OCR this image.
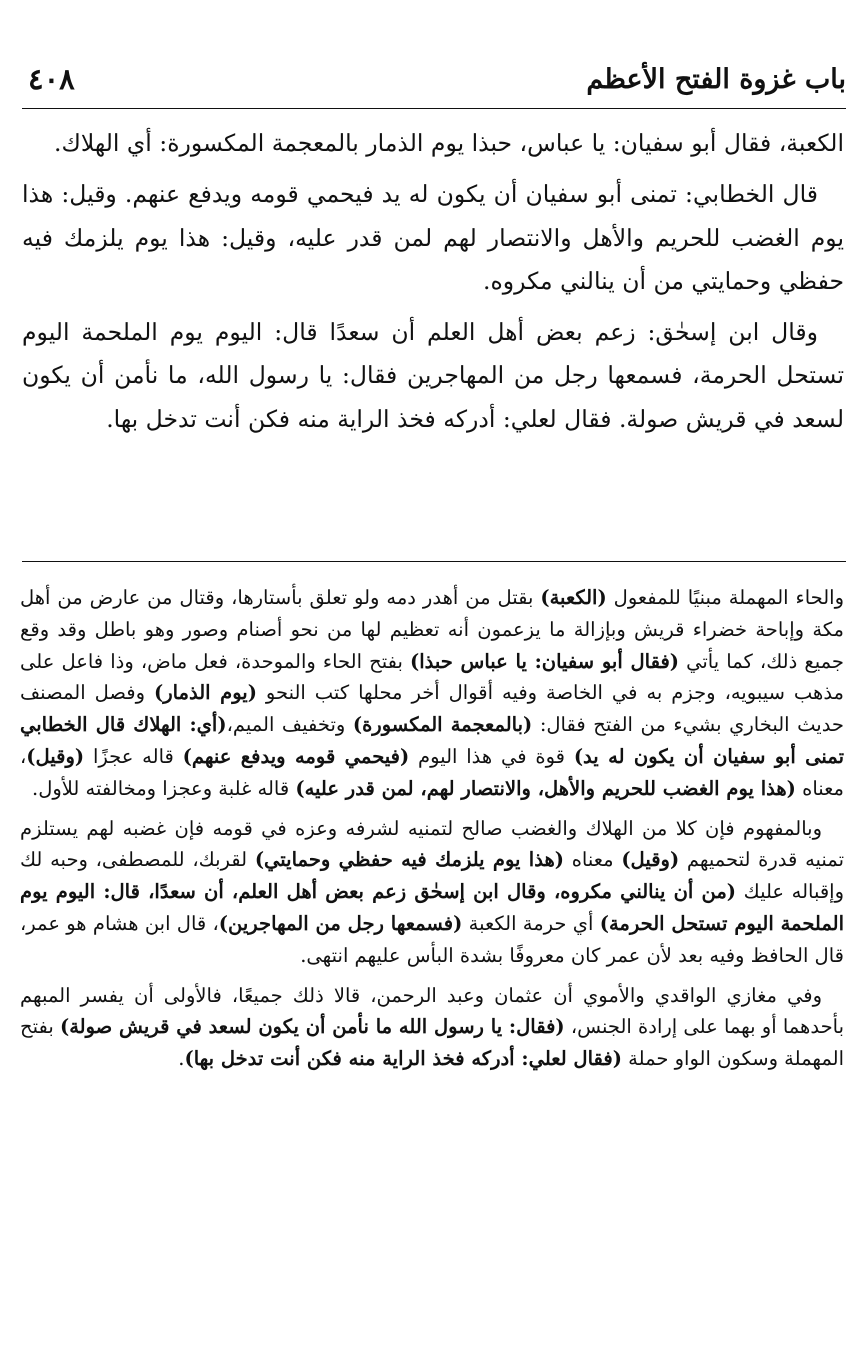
باب غزوة الفتح الأعظم
٤٠٨

الكعبة، فقال أبو سفيان: يا عباس، حبذا يوم الذمار بالمعجمة المكسورة: أي الهلاك.

قال الخطابي: تمنى أبو سفيان أن يكون له يد فيحمي قومه ويدفع عنهم. وقيل: هذا يوم الغضب للحريم والأهل والانتصار لهم لمن قدر عليه، وقيل: هذا يوم يلزمك فيه حفظي وحمايتي من أن ينالني مكروه.

وقال ابن إسحٰق: زعم بعض أهل العلم أن سعدًا قال: اليوم يوم الملحمة اليوم تستحل الحرمة، فسمعها رجل من المهاجرين فقال: يا رسول الله، ما نأمن أن يكون لسعد في قريش صولة. فقال لعلي: أدركه فخذ الراية منه فكن أنت تدخل بها.

والحاء المهملة مبنيًا للمفعول (الكعبة) بقتل من أهدر دمه ولو تعلق بأستارها، وقتال من عارض من أهل مكة وإباحة خضراء قريش وبإزالة ما يزعمون أنه تعظيم لها من نحو أصنام وصور وهو باطل وقد وقع جميع ذلك، كما يأتي (فقال أبو سفيان: يا عباس حبذا) بفتح الحاء والموحدة، فعل ماض، وذا فاعل على مذهب سيبويه، وجزم به في الخاصة وفيه أقوال أخر محلها كتب النحو (يوم الذمار) وفصل المصنف حديث البخاري بشيء من الفتح فقال: (بالمعجمة المكسورة) وتخفيف الميم،(أي: الهلاك قال الخطابي تمنى أبو سفيان أن يكون له يد) قوة في هذا اليوم (فيحمي قومه ويدفع عنهم) قاله عجزًا (وقيل)، معناه (هذا يوم الغضب للحريم والأهل، والانتصار لهم، لمن قدر عليه) قاله غلبة وعجزا ومخالفته للأول.

وبالمفهوم فإن كلا من الهلاك والغضب صالح لتمنيه لشرفه وعزه في قومه فإن غضبه لهم يستلزم تمنيه قدرة لتحميهم (وقيل) معناه (هذا يوم يلزمك فيه حفظي وحمايتي) لقربك، للمصطفى، وحبه لك وإقباله عليك (من أن ينالني مكروه، وقال ابن إسحٰق زعم بعض أهل العلم، أن سعدًا، قال: اليوم يوم الملحمة اليوم تستحل الحرمة) أي حرمة الكعبة (فسمعها رجل من المهاجرين)، قال ابن هشام هو عمر، قال الحافظ وفيه بعد لأن عمر كان معروفًا بشدة البأس عليهم انتهى.

وفي مغازي الواقدي والأموي أن عثمان وعبد الرحمن، قالا ذلك جميعًا، فالأولى أن يفسر المبهم بأحدهما أو بهما على إرادة الجنس، (فقال: يا رسول الله ما نأمن أن يكون لسعد في قريش صولة) بفتح المهملة وسكون الواو حملة (فقال لعلي: أدركه فخذ الراية منه فكن أنت تدخل بها).
